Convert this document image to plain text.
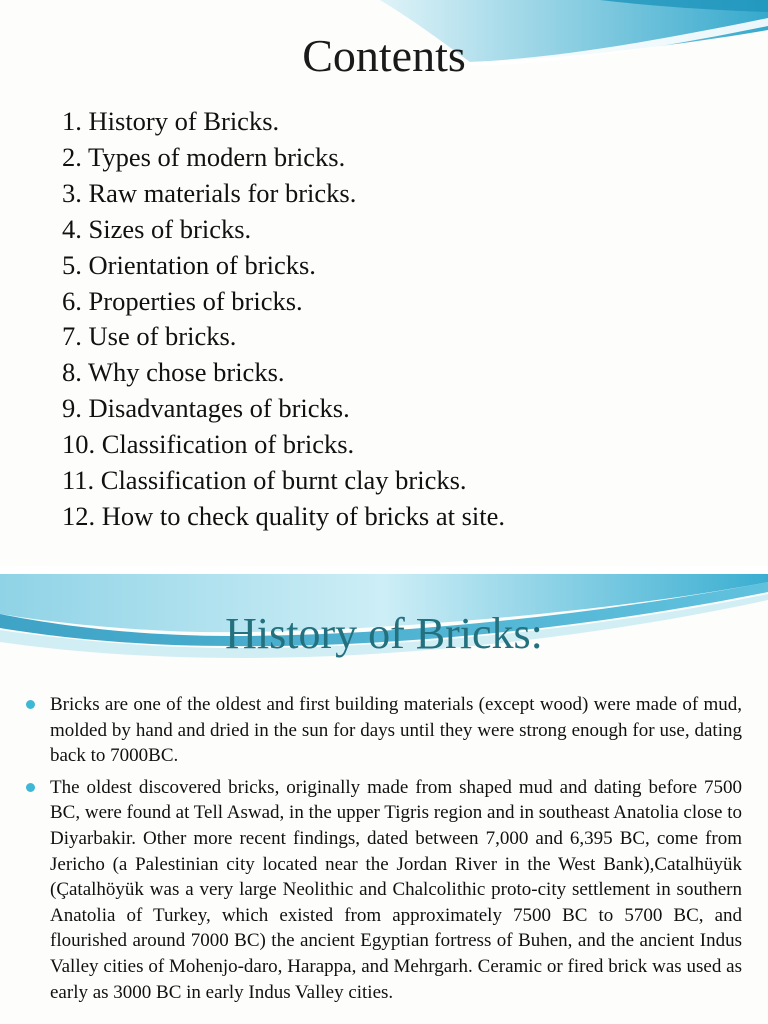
Contents
1. History of Bricks.
2. Types of modern bricks.
3. Raw materials for bricks.
4. Sizes of bricks.
5. Orientation of bricks.
6. Properties of bricks.
7. Use of bricks.
8. Why chose bricks.
9. Disadvantages of bricks.
10. Classification of bricks.
11. Classification of burnt clay bricks.
12. How to check quality of bricks at site.
History of Bricks:
Bricks are one of the oldest and first building materials (except wood) were made of mud, molded by hand and dried in the sun for days until they were strong enough for use, dating back to 7000BC.
The oldest discovered bricks, originally made from shaped mud and dating before 7500 BC, were found at Tell Aswad, in the upper Tigris region and in southeast Anatolia close to Diyarbakir. Other more recent findings, dated between 7,000 and 6,395 BC, come from Jericho (a Palestinian city located near the Jordan River in the West Bank),Catalhüyük (Çatalhöyük was a very large Neolithic and Chalcolithic proto-city settlement in southern Anatolia of Turkey, which existed from approximately 7500 BC to 5700 BC, and flourished around 7000 BC) the ancient Egyptian fortress of Buhen, and the ancient Indus Valley cities of Mohenjo-daro, Harappa, and Mehrgarh. Ceramic or fired brick was used as early as 3000 BC in early Indus Valley cities.
